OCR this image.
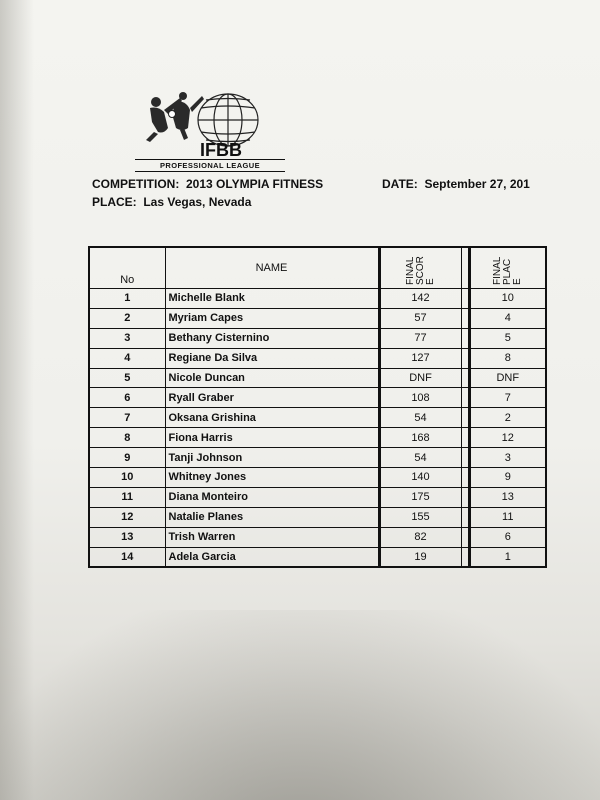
IFBB
PROFESSIONAL LEAGUE
COMPETITION: 2013 OLYMPIA FITNESS	DATE: September 27, 201
PLACE: Las Vegas, Nevada
No	NAME	FINAL SCOR E		FINAL PLAC E
1	Michelle Blank	142		10
2	Myriam Capes	57		4
3	Bethany Cisternino	77		5
4	Regiane Da Silva	127		8
5	Nicole Duncan	DNF		DNF
6	Ryall Graber	108		7
7	Oksana Grishina	54		2
8	Fiona Harris	168		12
9	Tanji Johnson	54		3
10	Whitney Jones	140		9
11	Diana Monteiro	175		13
12	Natalie Planes	155		11
13	Trish Warren	82		6
14	Adela Garcia	19		1
